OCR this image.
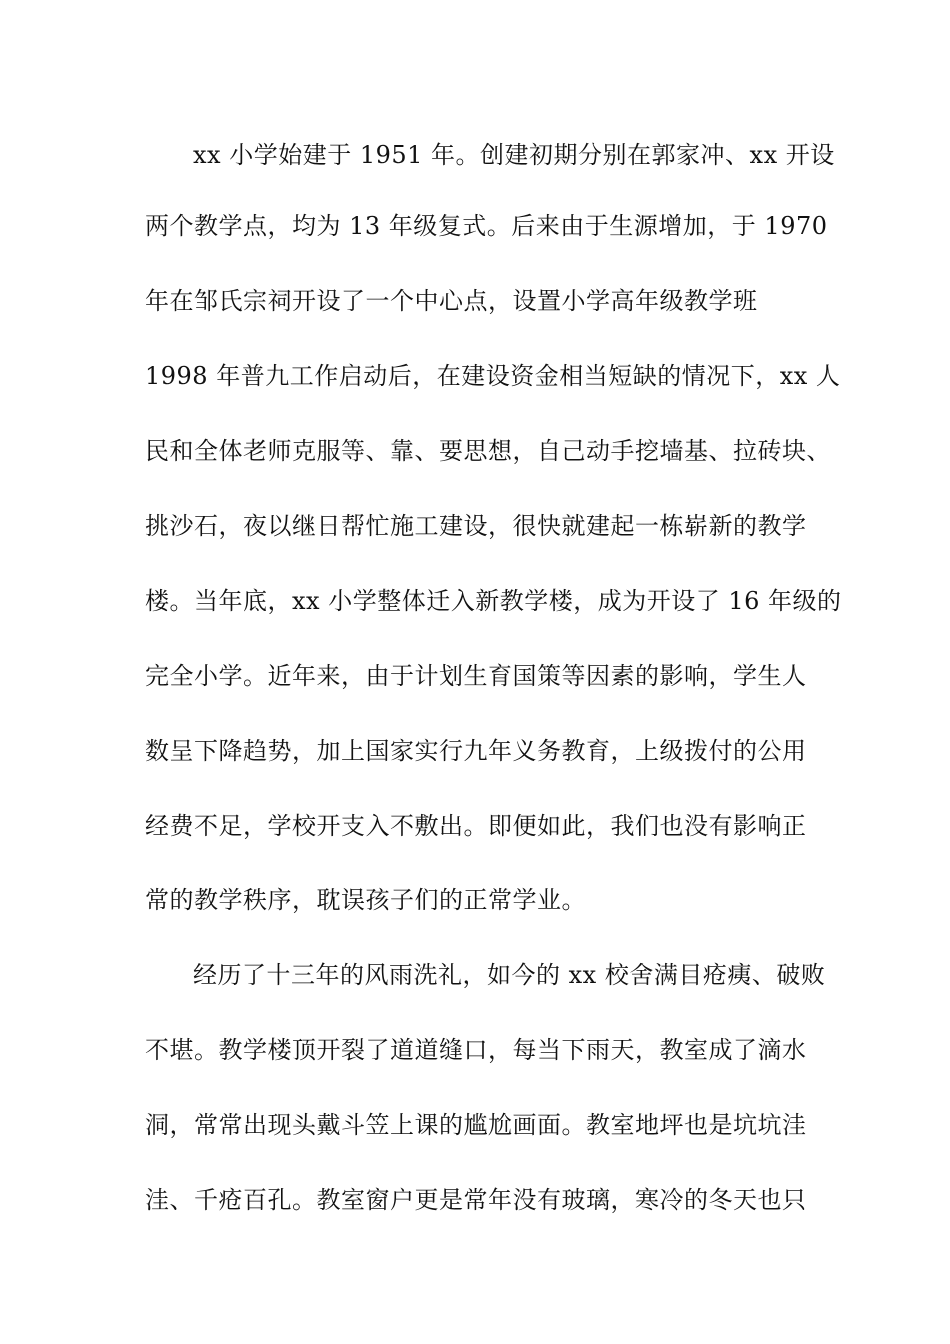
xx 小学始建于 1951 年。创建初期分别在郭家冲、xx 开设
两个教学点，均为 13 年级复式。后来由于生源增加，于 1970
年在邹氏宗祠开设了一个中心点，设置小学高年级教学班
1998 年普九工作启动后，在建设资金相当短缺的情况下，xx 人
民和全体老师克服等、靠、要思想，自己动手挖墙基、拉砖块、
挑沙石，夜以继日帮忙施工建设，很快就建起一栋崭新的教学
楼。当年底，xx 小学整体迁入新教学楼，成为开设了 16 年级的
完全小学。近年来，由于计划生育国策等因素的影响，学生人
数呈下降趋势，加上国家实行九年义务教育，上级拨付的公用
经费不足，学校开支入不敷出。即便如此，我们也没有影响正
常的教学秩序，耽误孩子们的正常学业。
经历了十三年的风雨洗礼，如今的 xx 校舍满目疮痍、破败
不堪。教学楼顶开裂了道道缝口，每当下雨天，教室成了滴水
洞，常常出现头戴斗笠上课的尴尬画面。教室地坪也是坑坑洼
洼、千疮百孔。教室窗户更是常年没有玻璃，寒冷的冬天也只
